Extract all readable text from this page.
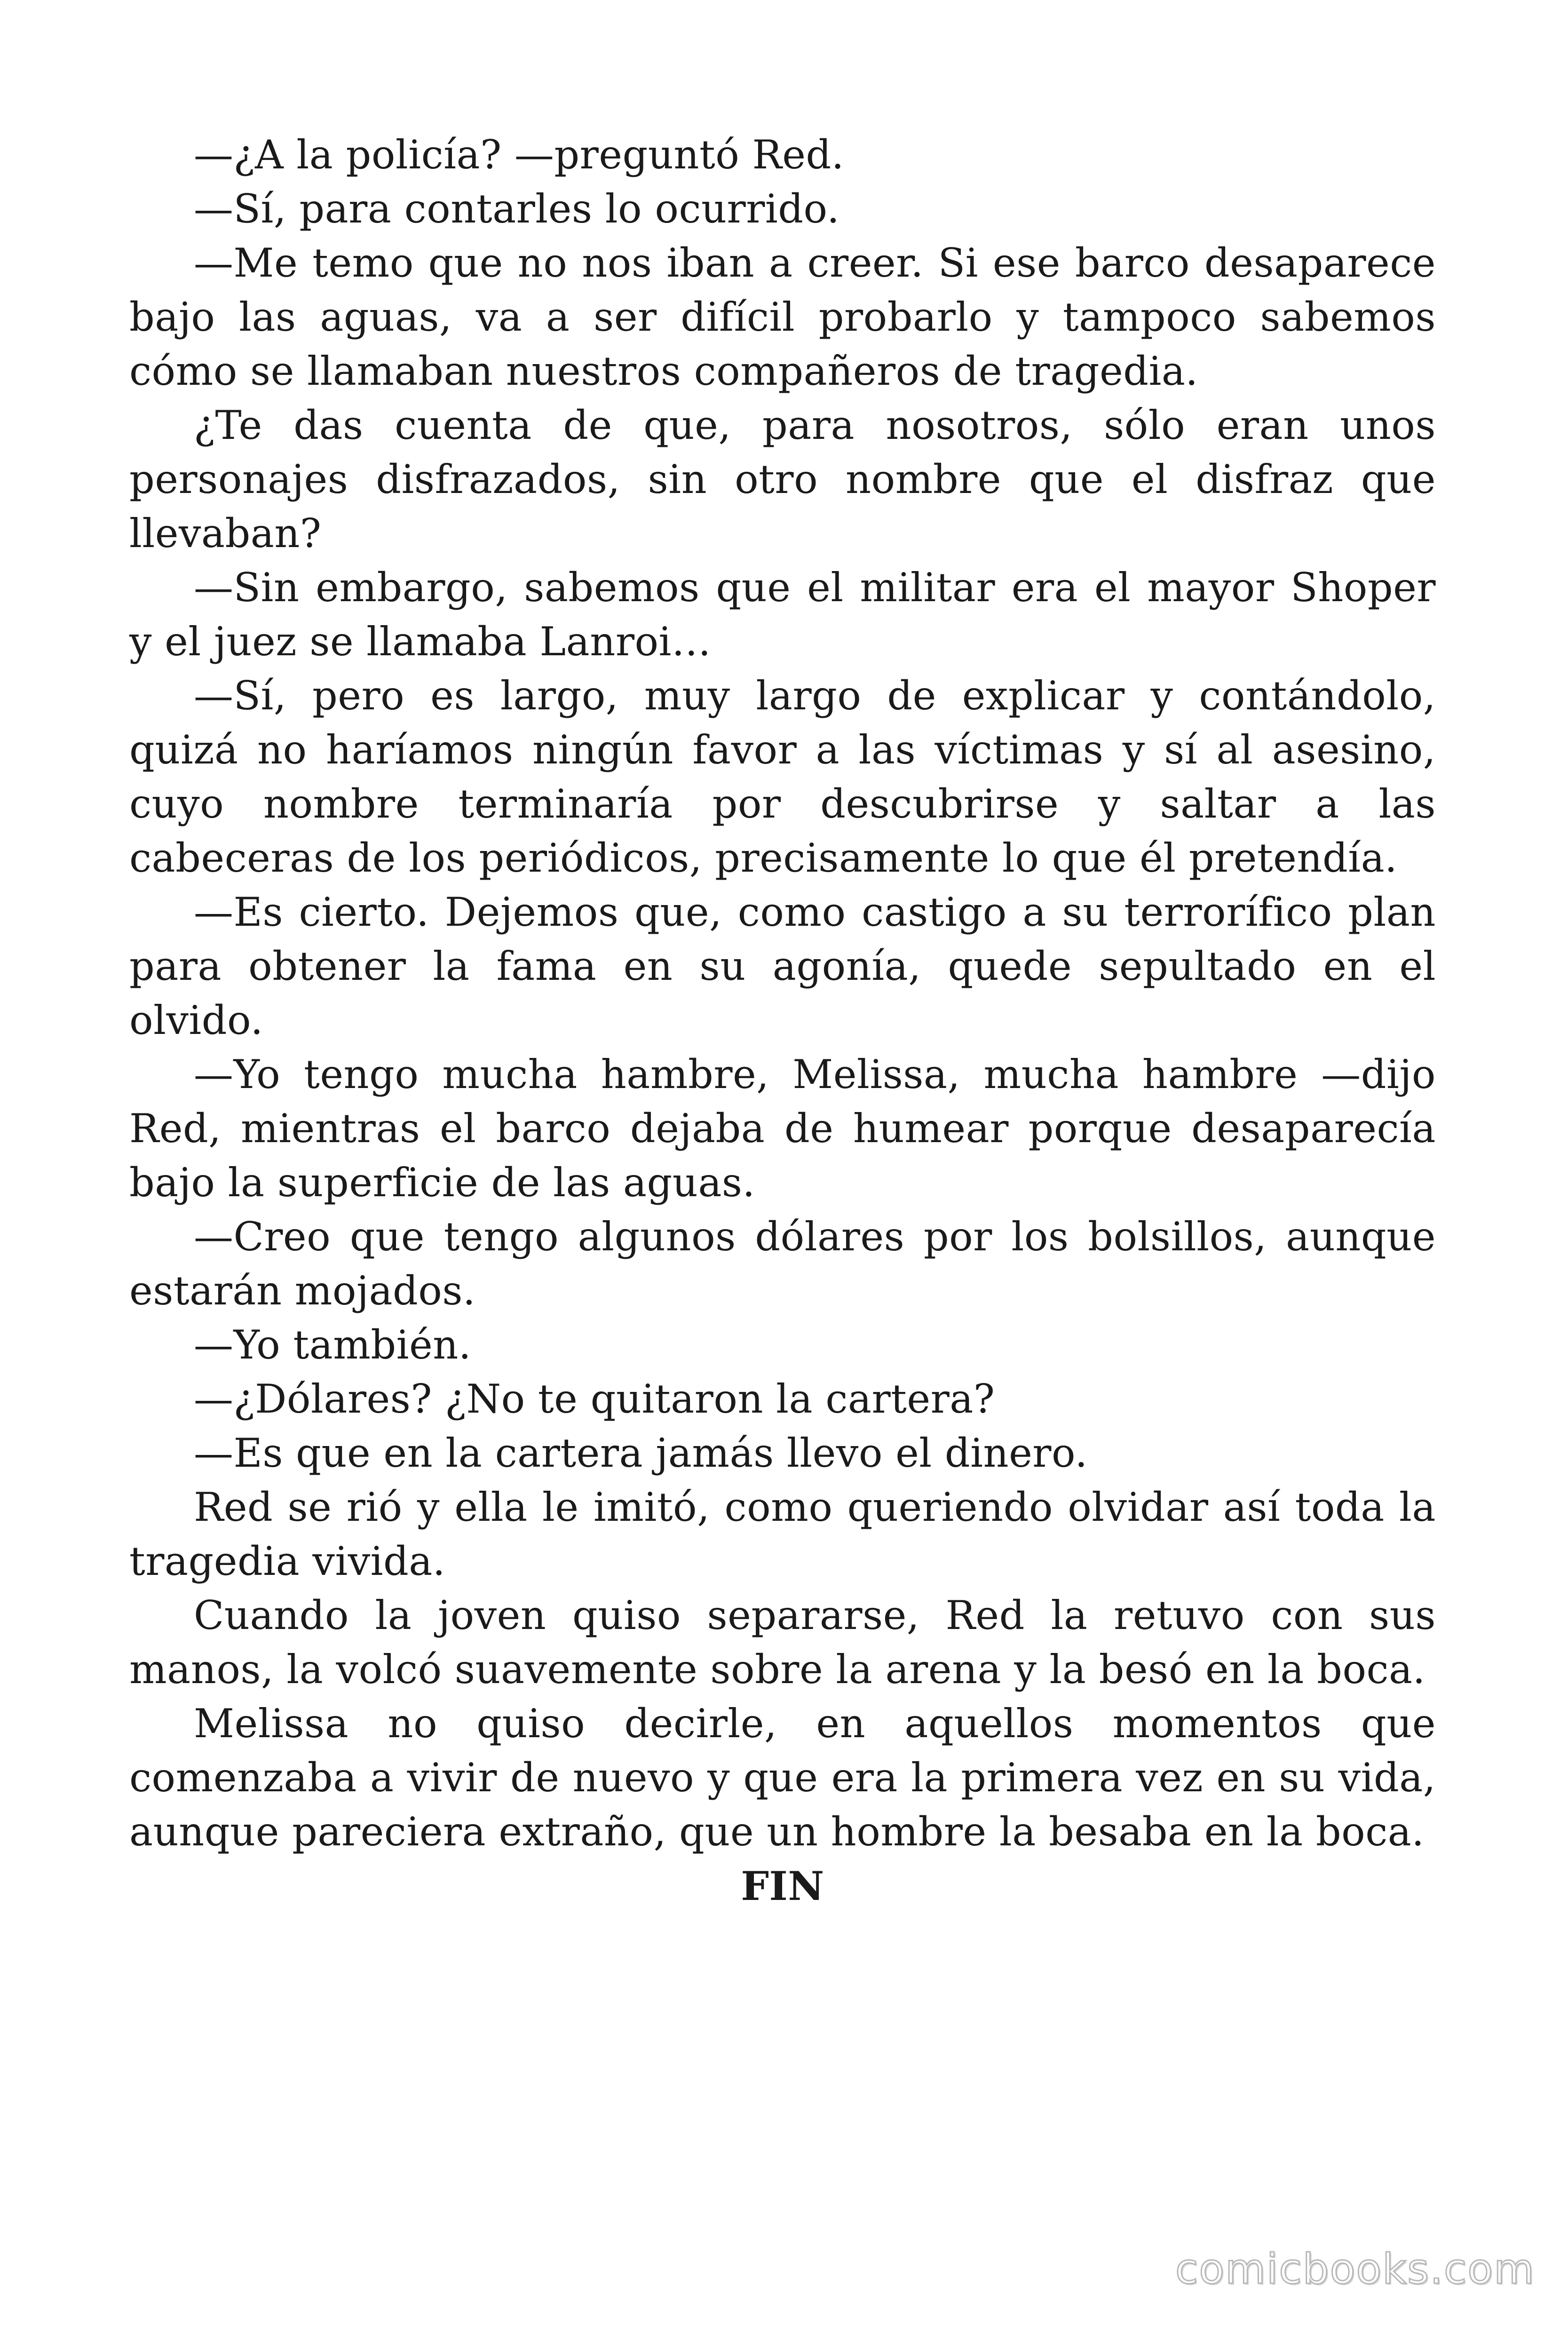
—¿A la policía? —preguntó Red.

—Sí, para contarles lo ocurrido.

—Me temo que no nos iban a creer. Si ese barco desaparece bajo las aguas, va a ser difícil probarlo y tampoco sabemos cómo se llamaban nuestros compañeros de tragedia.

¿Te das cuenta de que, para nosotros, sólo eran unos personajes disfrazados, sin otro nombre que el disfraz que llevaban?

—Sin embargo, sabemos que el militar era el mayor Shoper y el juez se llamaba Lanroi…

—Sí, pero es largo, muy largo de explicar y contándolo, quizá no haríamos ningún favor a las víctimas y sí al asesino, cuyo nombre terminaría por descubrirse y saltar a las cabeceras de los periódicos, precisamente lo que él pretendía.

—Es cierto. Dejemos que, como castigo a su terrorífico plan para obtener la fama en su agonía, quede sepultado en el olvido.

—Yo tengo mucha hambre, Melissa, mucha hambre —dijo Red, mientras el barco dejaba de humear porque desaparecía bajo la superficie de las aguas.

—Creo que tengo algunos dólares por los bolsillos, aunque estarán mojados.

—Yo también.

—¿Dólares? ¿No te quitaron la cartera?

—Es que en la cartera jamás llevo el dinero.

Red se rió y ella le imitó, como queriendo olvidar así toda la tragedia vivida.

Cuando la joven quiso separarse, Red la retuvo con sus manos, la volcó suavemente sobre la arena y la besó en la boca.

Melissa no quiso decirle, en aquellos momentos que comenzaba a vivir de nuevo y que era la primera vez en su vida, aunque pareciera extraño, que un hombre la besaba en la boca.

FIN

comicbooks.com
